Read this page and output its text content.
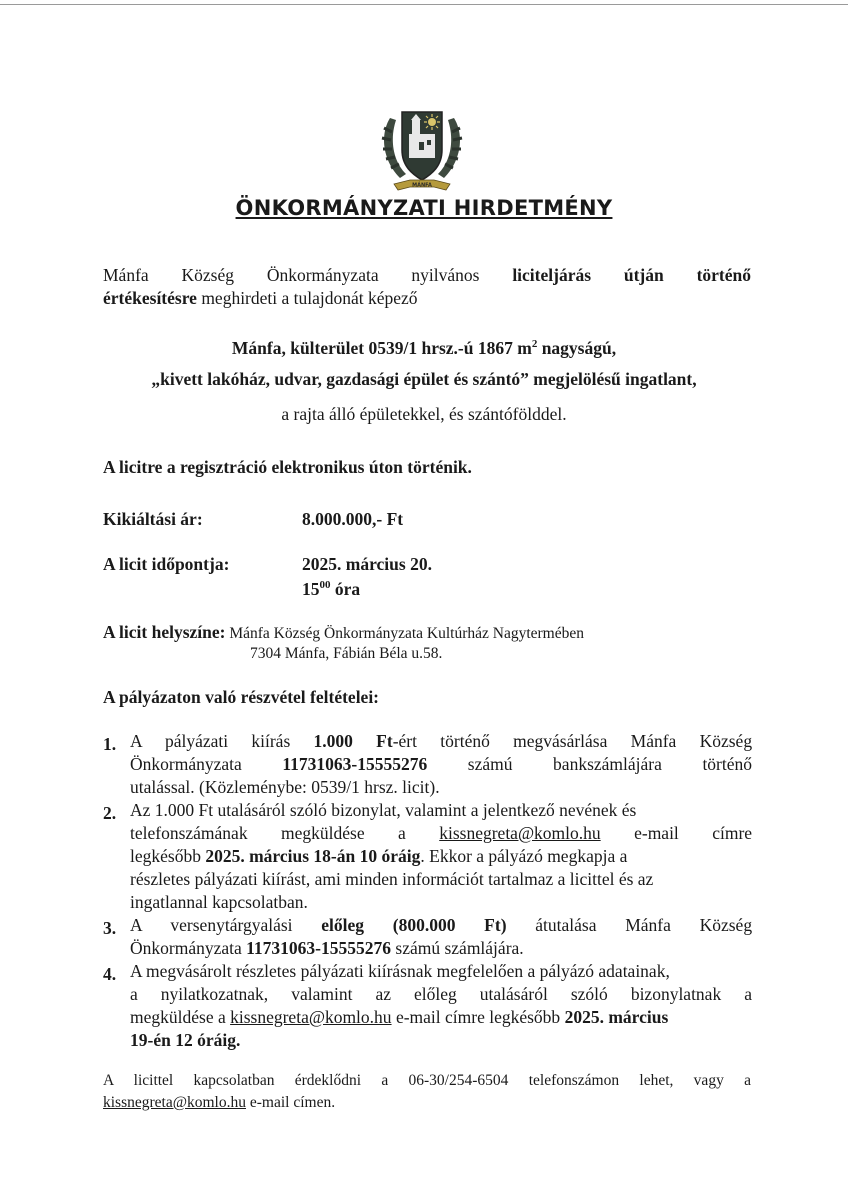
MÁNFA
ÖNKORMÁNYZATI HIRDETMÉNY
Mánfa Község Önkormányzata nyilvános liciteljárás útján történő
értékesítésre meghirdeti a tulajdonát képező
Mánfa, külterület 0539/1 hrsz.-ú 1867 $m^2$ nagyságú,
„kivett lakóház, udvar, gazdasági épület és szántó” megjelölésű ingatlant,
a rajta álló épületekkel, és szántófölddel.
A licitre a regisztráció elektronikus úton történik.
Kikiáltási ár:	8.000.000,- Ft
A licit időpontja:	2025. március 20.
$15^{00}$ óra
A licit helyszíne: Mánfa Község Önkormányzata Kultúrház Nagytermében
7304 Mánfa, Fábián Béla u.58.
A pályázaton való részvétel feltételei:
1. A pályázati kiírás 1.000 Ft-ért történő megvásárlása Mánfa Község
Önkormányzata 11731063-15555276 számú bankszámlájára történő
utalással. (Közleménybe: 0539/1 hrsz. licit).
2. Az 1.000 Ft utalásáról szóló bizonylat, valamint a jelentkező nevének és
telefonszámának megküldése a kissnegreta@komlo.hu e-mail címre
legkésőbb 2025. március 18-án 10 óráig. Ekkor a pályázó megkapja a
részletes pályázati kiírást, ami minden információt tartalmaz a licittel és az
ingatlannal kapcsolatban.
3. A versenytárgyalási előleg (800.000 Ft) átutalása Mánfa Község
Önkormányzata 11731063-15555276 számú számlájára.
4. A megvásárolt részletes pályázati kiírásnak megfelelően a pályázó adatainak,
a nyilatkozatnak, valamint az előleg utalásáról szóló bizonylatnak a
megküldése a kissnegreta@komlo.hu e-mail címre legkésőbb 2025. március
19-én 12 óráig.
A licittel kapcsolatban érdeklődni a 06-30/254-6504 telefonszámon lehet, vagy a
kissnegreta@komlo.hu e-mail címen.
